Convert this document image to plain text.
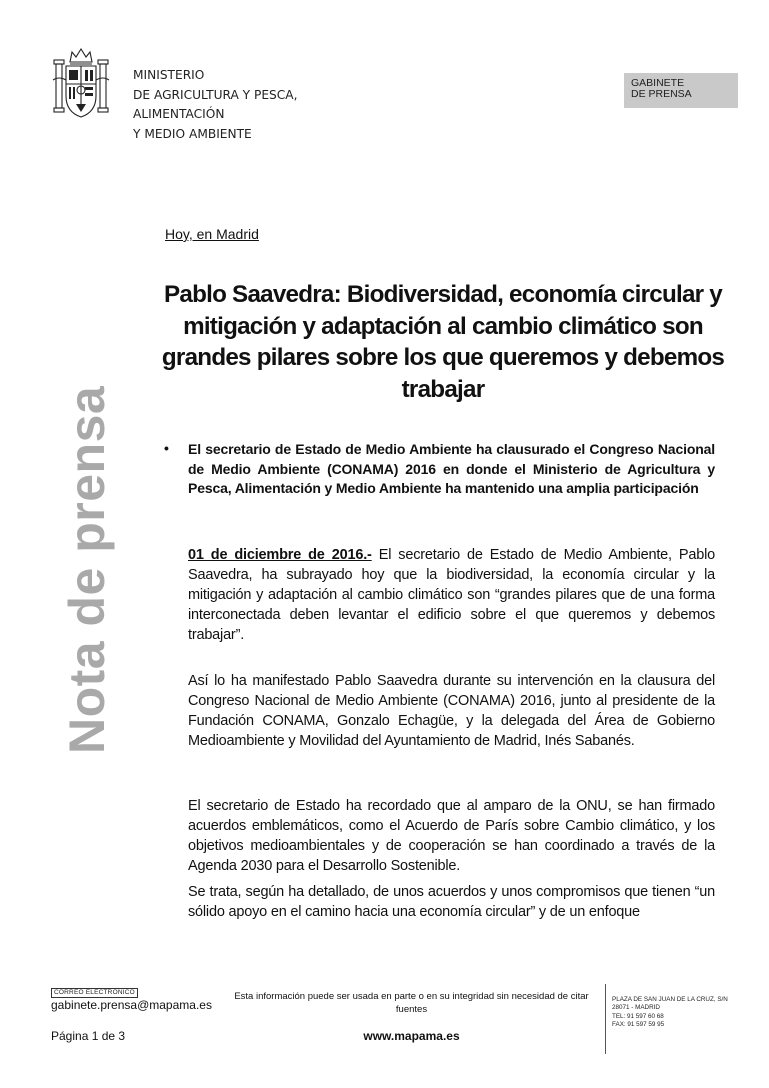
MINISTERIO
DE AGRICULTURA Y PESCA,
ALIMENTACIÓN
Y MEDIO AMBIENTE
GABINETE
DE PRENSA
Nota de prensa
Hoy, en Madrid
Pablo Saavedra: Biodiversidad, economía circular y mitigación y adaptación al cambio climático son grandes pilares sobre los que queremos y debemos trabajar
• El secretario de Estado de Medio Ambiente ha clausurado el Congreso Nacional de Medio Ambiente (CONAMA) 2016 en donde el Ministerio de Agricultura y Pesca, Alimentación y Medio Ambiente ha mantenido una amplia participación
01 de diciembre de 2016.- El secretario de Estado de Medio Ambiente, Pablo Saavedra, ha subrayado hoy que la biodiversidad, la economía circular y la mitigación y adaptación al cambio climático son “grandes pilares que de una forma interconectada deben levantar el edificio sobre el que queremos y debemos trabajar”.
Así lo ha manifestado Pablo Saavedra durante su intervención en la clausura del Congreso Nacional de Medio Ambiente (CONAMA) 2016, junto al presidente de la Fundación CONAMA, Gonzalo Echagüe, y la delegada del Área de Gobierno Medioambiente y Movilidad del Ayuntamiento de Madrid, Inés Sabanés.
El secretario de Estado ha recordado que al amparo de la ONU, se han firmado acuerdos emblemáticos, como el Acuerdo de París sobre Cambio climático, y los objetivos medioambientales y de cooperación se han coordinado a través de la Agenda 2030 para el Desarrollo Sostenible.
Se trata, según ha detallado, de unos acuerdos y unos compromisos que tienen “un sólido apoyo en el camino hacia una economía circular” y de un enfoque
CORREO ELECTRÓNICO
gabinete.prensa@mapama.es
Página 1 de 3
Esta información puede ser usada en parte o en su integridad sin necesidad de citar fuentes
www.mapama.es
PLAZA DE SAN JUAN DE LA CRUZ, S/N
28071 - MADRID
TEL: 91 597 60 68
FAX: 91 597 59 95
